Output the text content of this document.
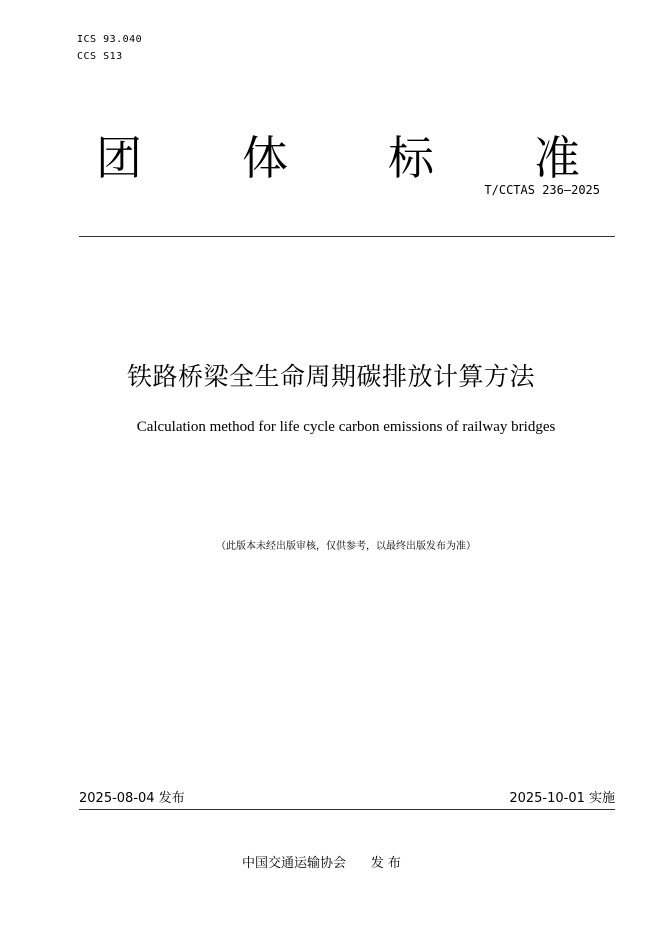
ICS 93.040
CCS S13
团 体 标 准
T/CCTAS 236—2025
铁路桥梁全生命周期碳排放计算方法
Calculation method for life cycle carbon emissions of railway bridges
（此版本未经出版审核，仅供参考，以最终出版发布为准）
2025-08-04 发布	2025-10-01 实施
中国交通运输协会      发 布
